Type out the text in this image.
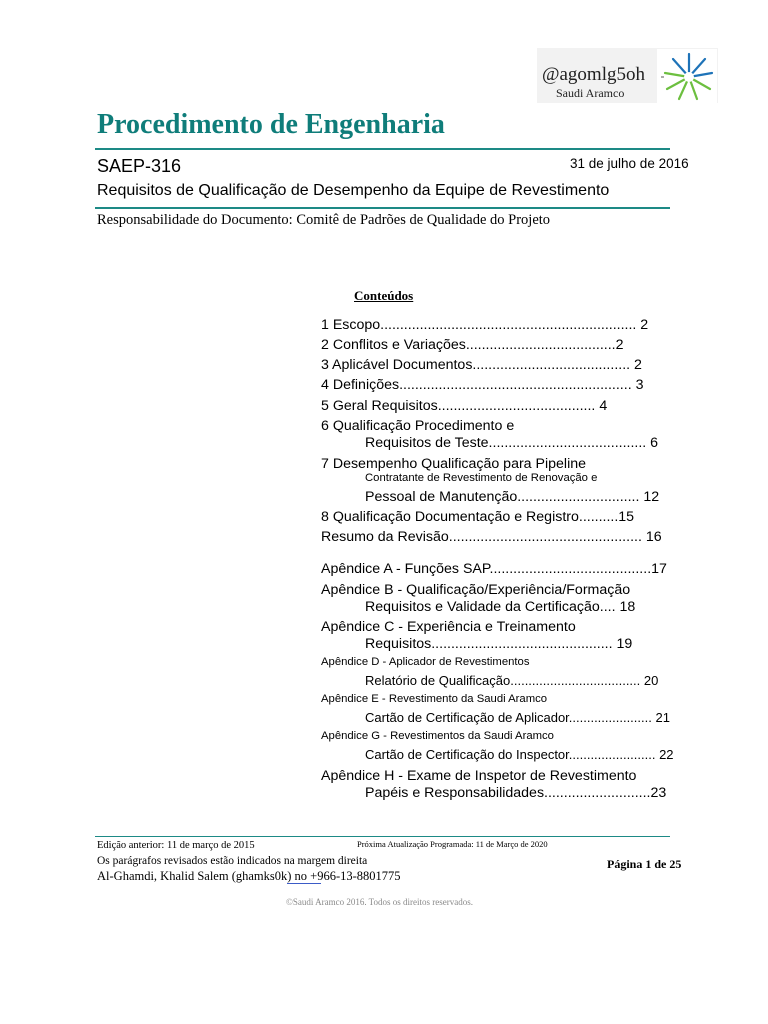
@agomlg5oh
Saudi Aramco
Procedimento de Engenharia
SAEP-316	31 de julho de 2016
Requisitos de Qualificação de Desempenho da Equipe de Revestimento
Responsabilidade do Documento: Comitê de Padrões de Qualidade do Projeto
Conteúdos
1 Escopo................................................................. 2
2 Conflitos e Variações......................................2
3 Aplicável Documentos........................................ 2
4 Definições........................................................... 3
5 Geral Requisitos........................................ 4
6 Qualificação Procedimento e
Requisitos de Teste........................................ 6
7 Desempenho Qualificação para Pipeline
Contratante de Revestimento de Renovação e
Pessoal de Manutenção............................... 12
8 Qualificação Documentação e Registro..........15
Resumo da Revisão................................................. 16
Apêndice A - Funções SAP.........................................17
Apêndice B - Qualificação/Experiência/Formação
Requisitos e Validade da Certificação.... 18
Apêndice C - Experiência e Treinamento
Requisitos.............................................. 19
Apêndice D - Aplicador de Revestimentos
Relatório de Qualificação.................................... 20
Apêndice E - Revestimento da Saudi Aramco
Cartão de Certificação de Aplicador....................... 21
Apêndice G - Revestimentos da Saudi Aramco
Cartão de Certificação do Inspector........................ 22
Apêndice H - Exame de Inspetor de Revestimento
Papéis e Responsabilidades...........................23
Edição anterior: 11 de março de 2015	Próxima Atualização Programada: 11 de Março de 2020
Os parágrafos revisados estão indicados na margem direita	Página 1 de 25
Al-Ghamdi, Khalid Salem (ghamks0k) no +966-13-8801775
©Saudi Aramco 2016. Todos os direitos reservados.
